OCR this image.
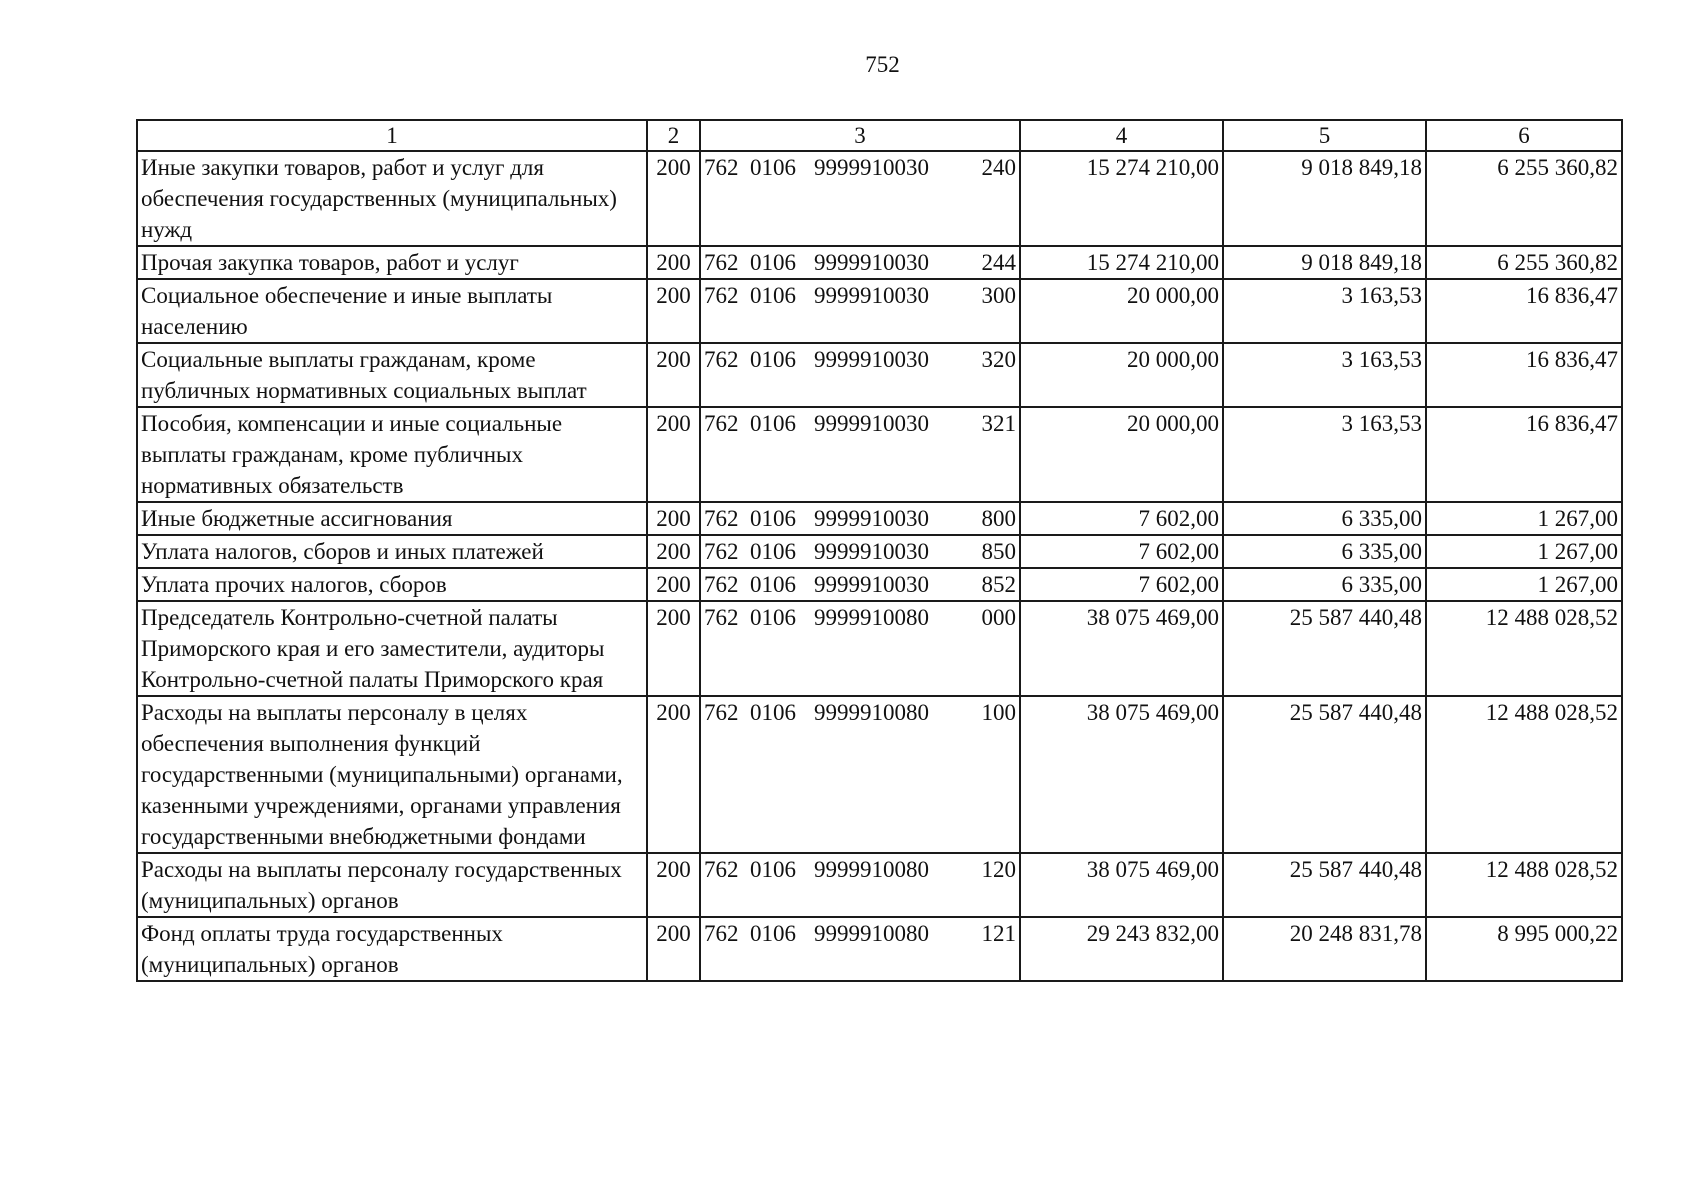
752
1	2	3	4	5	6
Иные закупки товаров, работ и услуг для обеспечения государственных (муниципальных) нужд	200	762 0106 9999910030 240	15 274 210,00	9 018 849,18	6 255 360,82
Прочая закупка товаров, работ и услуг	200	762 0106 9999910030 244	15 274 210,00	9 018 849,18	6 255 360,82
Социальное обеспечение и иные выплаты населению	200	762 0106 9999910030 300	20 000,00	3 163,53	16 836,47
Социальные выплаты гражданам, кроме публичных нормативных социальных выплат	200	762 0106 9999910030 320	20 000,00	3 163,53	16 836,47
Пособия, компенсации и иные социальные выплаты гражданам, кроме публичных нормативных обязательств	200	762 0106 9999910030 321	20 000,00	3 163,53	16 836,47
Иные бюджетные ассигнования	200	762 0106 9999910030 800	7 602,00	6 335,00	1 267,00
Уплата налогов, сборов и иных платежей	200	762 0106 9999910030 850	7 602,00	6 335,00	1 267,00
Уплата прочих налогов, сборов	200	762 0106 9999910030 852	7 602,00	6 335,00	1 267,00
Председатель Контрольно-счетной палаты Приморского края и его заместители, аудиторы Контрольно-счетной палаты Приморского края	200	762 0106 9999910080 000	38 075 469,00	25 587 440,48	12 488 028,52
Расходы на выплаты персоналу в целях обеспечения выполнения функций государственными (муниципальными) органами, казенными учреждениями, органами управления государственными внебюджетными фондами	200	762 0106 9999910080 100	38 075 469,00	25 587 440,48	12 488 028,52
Расходы на выплаты персоналу государственных (муниципальных) органов	200	762 0106 9999910080 120	38 075 469,00	25 587 440,48	12 488 028,52
Фонд оплаты труда государственных (муниципальных) органов	200	762 0106 9999910080 121	29 243 832,00	20 248 831,78	8 995 000,22
